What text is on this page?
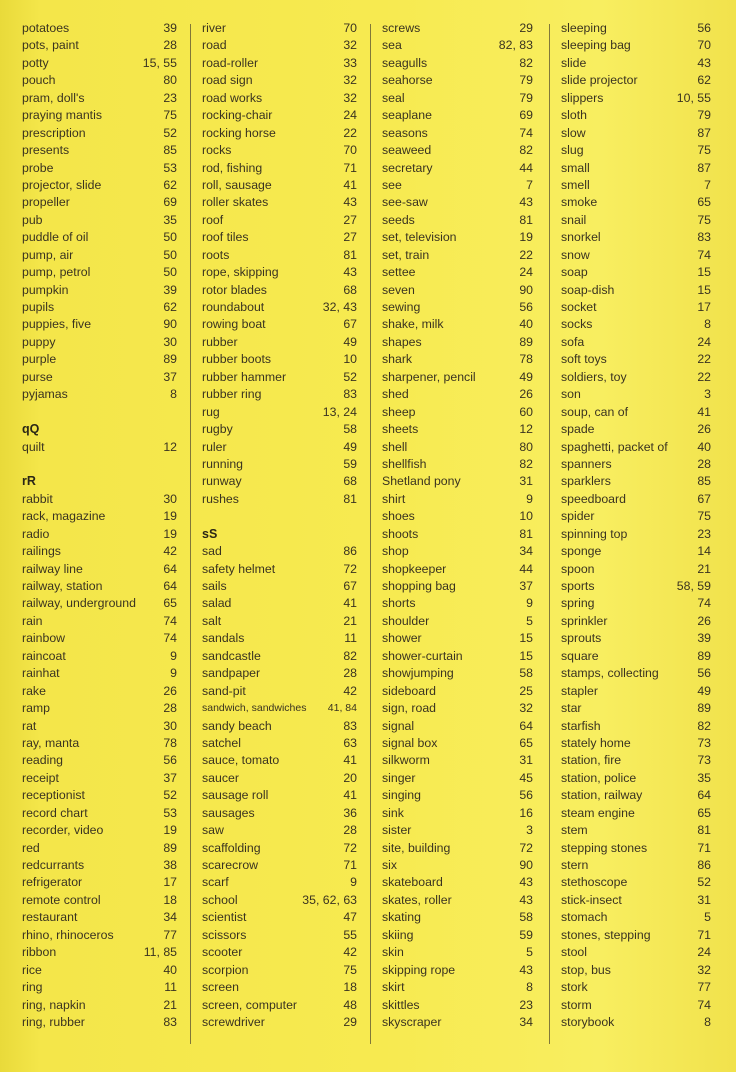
potatoes	39
pots, paint	28
potty	15, 55
pouch	80
pram, doll's	23
praying mantis	75
prescription	52
presents	85
probe	53
projector, slide	62
propeller	69
pub	35
puddle of oil	50
pump, air	50
pump, petrol	50
pumpkin	39
pupils	62
puppies, five	90
puppy	30
purple	89
purse	37
pyjamas	8
qQ
quilt	12
rR
rabbit	30
rack, magazine	19
radio	19
railings	42
railway line	64
railway, station	64
railway, underground	65
rain	74
rainbow	74
raincoat	9
rainhat	9
rake	26
ramp	28
rat	30
ray, manta	78
reading	56
receipt	37
receptionist	52
record chart	53
recorder, video	19
red	89
redcurrants	38
refrigerator	17
remote control	18
restaurant	34
rhino, rhinoceros	77
ribbon	11, 85
rice	40
ring	11
ring, napkin	21
ring, rubber	83
river	70
road	32
road-roller	33
road sign	32
road works	32
rocking-chair	24
rocking horse	22
rocks	70
rod, fishing	71
roll, sausage	41
roller skates	43
roof	27
roof tiles	27
roots	81
rope, skipping	43
rotor blades	68
roundabout	32, 43
rowing boat	67
rubber	49
rubber boots	10
rubber hammer	52
rubber ring	83
rug	13, 24
rugby	58
ruler	49
running	59
runway	68
rushes	81
sS
sad	86
safety helmet	72
sails	67
salad	41
salt	21
sandals	11
sandcastle	82
sandpaper	28
sand-pit	42
sandwich, sandwiches	41, 84
sandy beach	83
satchel	63
sauce, tomato	41
saucer	20
sausage roll	41
sausages	36
saw	28
scaffolding	72
scarecrow	71
scarf	9
school	35, 62, 63
scientist	47
scissors	55
scooter	42
scorpion	75
screen	18
screen, computer	48
screwdriver	29
screws	29
sea	82, 83
seagulls	82
seahorse	79
seal	79
seaplane	69
seasons	74
seaweed	82
secretary	44
see	7
see-saw	43
seeds	81
set, television	19
set, train	22
settee	24
seven	90
sewing	56
shake, milk	40
shapes	89
shark	78
sharpener, pencil	49
shed	26
sheep	60
sheets	12
shell	80
shellfish	82
Shetland pony	31
shirt	9
shoes	10
shoots	81
shop	34
shopkeeper	44
shopping bag	37
shorts	9
shoulder	5
shower	15
shower-curtain	15
showjumping	58
sideboard	25
sign, road	32
signal	64
signal box	65
silkworm	31
singer	45
singing	56
sink	16
sister	3
site, building	72
six	90
skateboard	43
skates, roller	43
skating	58
skiing	59
skin	5
skipping rope	43
skirt	8
skittles	23
skyscraper	34
sleeping	56
sleeping bag	70
slide	43
slide projector	62
slippers	10, 55
sloth	79
slow	87
slug	75
small	87
smell	7
smoke	65
snail	75
snorkel	83
snow	74
soap	15
soap-dish	15
socket	17
socks	8
sofa	24
soft toys	22
soldiers, toy	22
son	3
soup, can of	41
spade	26
spaghetti, packet of	40
spanners	28
sparklers	85
speedboard	67
spider	75
spinning top	23
sponge	14
spoon	21
sports	58, 59
spring	74
sprinkler	26
sprouts	39
square	89
stamps, collecting	56
stapler	49
star	89
starfish	82
stately home	73
station, fire	73
station, police	35
station, railway	64
steam engine	65
stem	81
stepping stones	71
stern	86
stethoscope	52
stick-insect	31
stomach	5
stones, stepping	71
stool	24
stop, bus	32
stork	77
storm	74
storybook	8
